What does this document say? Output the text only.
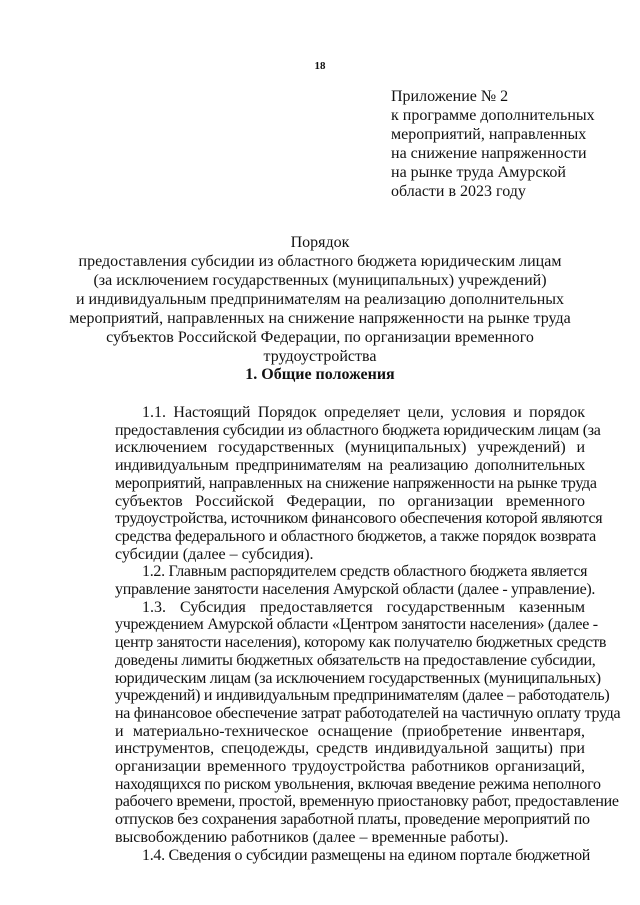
18
Приложение № 2
к программе дополнительных
мероприятий, направленных
на снижение напряженности
на рынке труда Амурской
области в 2023 году
Порядок
предоставления субсидии из областного бюджета юридическим лицам
(за исключением государственных (муниципальных) учреждений)
и индивидуальным предпринимателям на реализацию дополнительных
мероприятий, направленных на снижение напряженности на рынке труда
субъектов Российской Федерации, по организации временного
трудоустройства
1. Общие положения
1.1. Настоящий Порядок определяет цели, условия и порядок
предоставления субсидии из областного бюджета юридическим лицам (за
исключением государственных (муниципальных) учреждений) и
индивидуальным предпринимателям на реализацию дополнительных
мероприятий, направленных на снижение напряженности на рынке труда
субъектов Российской Федерации, по организации временного
трудоустройства, источником финансового обеспечения которой являются
средства федерального и областного бюджетов, а также порядок возврата
субсидии (далее – субсидия).
1.2. Главным распорядителем средств областного бюджета является
управление занятости населения Амурской области (далее - управление).
1.3. Субсидия предоставляется государственным казенным
учреждением Амурской области «Центром занятости населения» (далее -
центр занятости населения), которому как получателю бюджетных средств
доведены лимиты бюджетных обязательств на предоставление субсидии,
юридическим лицам (за исключением государственных (муниципальных)
учреждений) и индивидуальным предпринимателям (далее – работодатель)
на финансовое обеспечение затрат работодателей на частичную оплату труда
и материально-техническое оснащение (приобретение инвентаря,
инструментов, спецодежды, средств индивидуальной защиты) при
организации временного трудоустройства работников организаций,
находящихся по риском увольнения, включая введение режима неполного
рабочего времени, простой, временную приостановку работ, предоставление
отпусков без сохранения заработной платы, проведение мероприятий по
высвобождению работников (далее – временные работы).
1.4. Сведения о субсидии размещены на едином портале бюджетной
